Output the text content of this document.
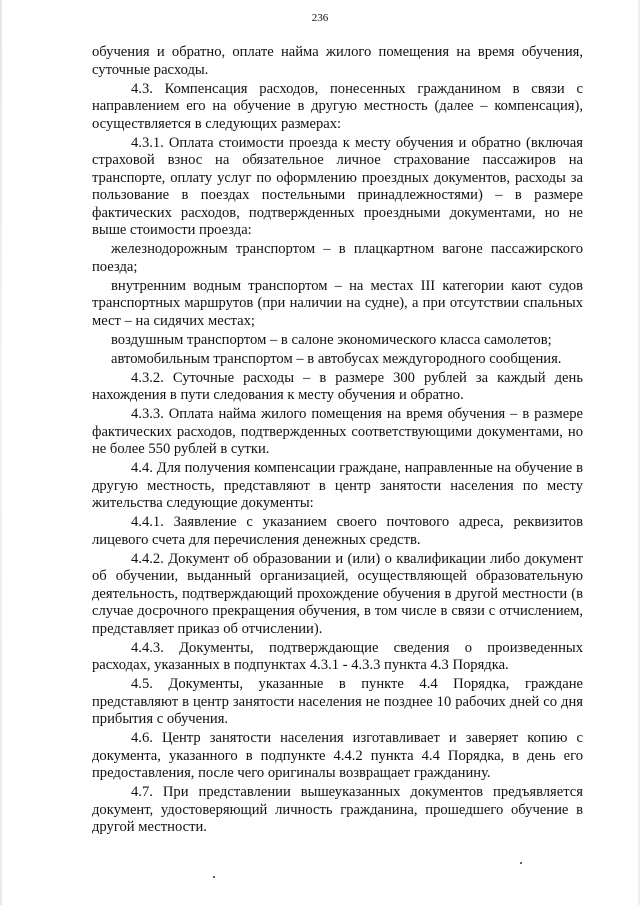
236

обучения и обратно, оплате найма жилого помещения на время обучения, суточные расходы.

4.3. Компенсация расходов, понесенных гражданином в связи с направлением его на обучение в другую местность (далее – компенсация), осуществляется в следующих размерах:

4.3.1. Оплата стоимости проезда к месту обучения и обратно (включая страховой взнос на обязательное личное страхование пассажиров на транспорте, оплату услуг по оформлению проездных документов, расходы за пользование в поездах постельными принадлежностями) – в размере фактических расходов, подтвержденных проездными документами, но не выше стоимости проезда:

железнодорожным транспортом – в плацкартном вагоне пассажирского поезда;

внутренним водным транспортом – на местах III категории кают судов транспортных маршрутов (при наличии на судне), а при отсутствии спальных мест – на сидячих местах;

воздушным транспортом – в салоне экономического класса самолетов;

автомобильным транспортом – в автобусах междугородного сообщения.

4.3.2. Суточные расходы – в размере 300 рублей за каждый день нахождения в пути следования к месту обучения и обратно.

4.3.3. Оплата найма жилого помещения на время обучения – в размере фактических расходов, подтвержденных соответствующими документами, но не более 550 рублей в сутки.

4.4. Для получения компенсации граждане, направленные на обучение в другую местность, представляют в центр занятости населения по месту жительства следующие документы:

4.4.1. Заявление с указанием своего почтового адреса, реквизитов лицевого счета для перечисления денежных средств.

4.4.2. Документ об образовании и (или) о квалификации либо документ об обучении, выданный организацией, осуществляющей образовательную деятельность, подтверждающий прохождение обучения в другой местности (в случае досрочного прекращения обучения, в том числе в связи с отчислением, представляет приказ об отчислении).

4.4.3. Документы, подтверждающие сведения о произведенных расходах, указанных в подпунктах 4.3.1 - 4.3.3 пункта 4.3 Порядка.

4.5. Документы, указанные в пункте 4.4 Порядка, граждане представляют в центр занятости населения не позднее 10 рабочих дней со дня прибытия с обучения.

4.6. Центр занятости населения изготавливает и заверяет копию с документа, указанного в подпункте 4.4.2 пункта 4.4 Порядка, в день его предоставления, после чего оригиналы возвращает гражданину.

4.7. При представлении вышеуказанных документов предъявляется документ, удостоверяющий личность гражданина, прошедшего обучение в другой местности.
